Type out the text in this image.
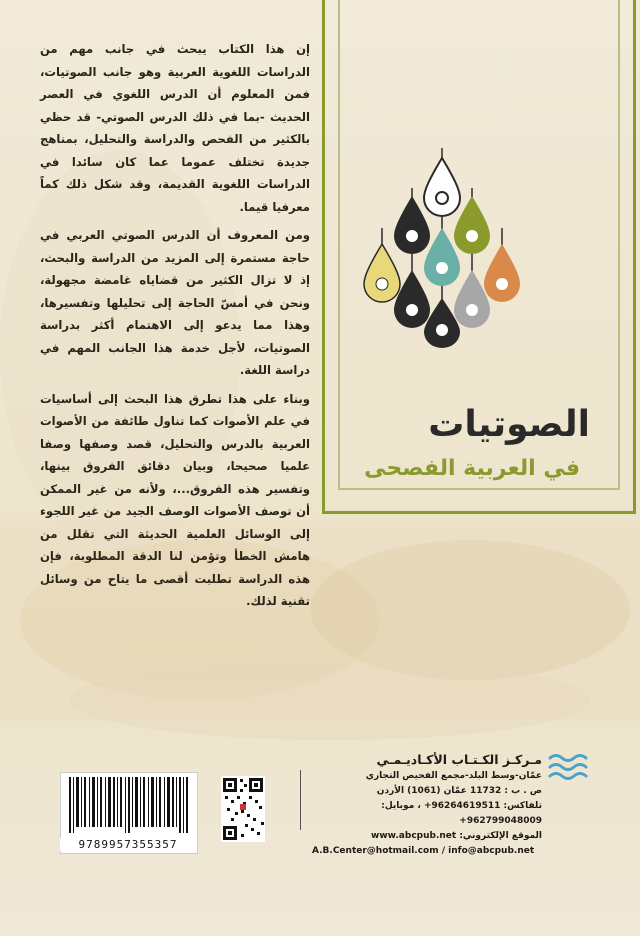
إن هذا الكتاب يبحث في جانب مهم من الدراسات اللغوية العربية وهو جانب الصوتيات، فمن المعلوم أن الدرس اللغوي في العصر الحديث -بما في ذلك الدرس الصوتي- قد حظي بالكثير من الفحص والدراسة والتحليل، بمناهج جديدة تختلف عموما عما كان سائدا في الدراسات اللغوية القديمة، وقد شكل ذلك كماً معرفيا قيما.

ومن المعروف أن الدرس الصوتي العربي في حاجة مستمرة إلى المزيد من الدراسة والبحث، إذ لا تزال الكثير من قضاياه غامضة مجهولة، ونحن في أمسّ الحاجة إلى تحليلها وتفسيرها، وهذا مما يدعو إلى الاهتمام أكثر بدراسة الصوتيات، لأجل خدمة هذا الجانب المهم في دراسة اللغة.

وبناء على هذا تطرق هذا البحث إلى أساسيات في علم الأصوات كما تناول طائفة من الأصوات العربية بالدرس والتحليل، قصد وصفها وصفا علميا صحيحا، وبيان دقائق الفروق بينها، وتفسير هذه الفروق...، ولأنه من غير الممكن أن توصف الأصوات الوصف الجيد من غير اللجوء إلى الوسائل العلمية الحديثة التي تقلل من هامش الخطأ وتؤمن لنا الدقة المطلوبة، فإن هذه الدراسة تطلبت أقصى ما يتاح من وسائل تقنية لذلك.

الصوتيات
في العربية الفصحى
9789957355357
مـركـز الكـتـاب الأكـاديـمـي
عمّان-وسط البلد-مجمع الفحيص التجاري
ص . ب : 11732 عمّان (1061) الأردن
تلفاكس: 96264619511+ ، موبايل: 962799048009+
الموقع الإلكتروني: www.abcpub.net
A.B.Center@hotmail.com / info@abcpub.net
